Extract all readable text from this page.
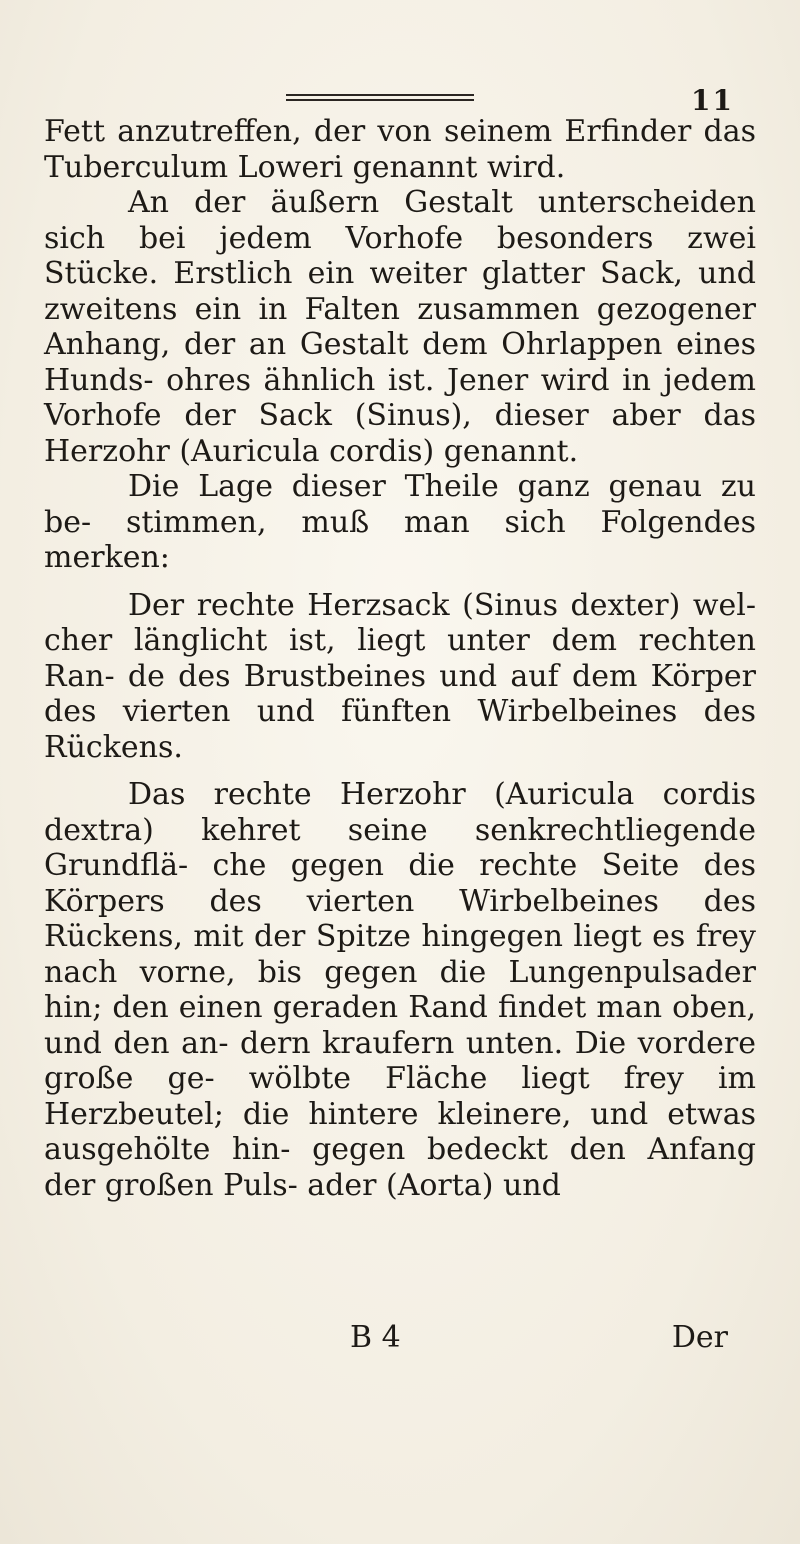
11

Fett anzutreffen, der von seinem Erfinder das Tuberculum Loweri genannt wird.

An der äußern Gestalt unterscheiden sich bei jedem Vorhofe besonders zwei Stücke. Erstlich ein weiter glatter Sack, und zweitens ein in Falten zusammen gezogener Anhang, der an Gestalt dem Ohrlappen eines Hunds- ohres ähnlich ist. Jener wird in jedem Vorhofe der Sack (Sinus), dieser aber das Herzohr (Auricula cordis) genannt.

Die Lage dieser Theile ganz genau zu be- stimmen, muß man sich Folgendes merken:

Der rechte Herzsack (Sinus dexter) wel- cher länglicht ist, liegt unter dem rechten Ran- de des Brustbeines und auf dem Körper des vierten und fünften Wirbelbeines des Rückens.

Das rechte Herzohr (Auricula cordis dextra) kehret seine senkrechtliegende Grundflä- che gegen die rechte Seite des Körpers des vierten Wirbelbeines des Rückens, mit der Spitze hingegen liegt es frey nach vorne, bis gegen die Lungenpulsader hin; den einen geraden Rand findet man oben, und den an- dern kraufern unten. Die vordere große ge- wölbte Fläche liegt frey im Herzbeutel; die hintere kleinere, und etwas ausgehölte hin- gegen bedeckt den Anfang der großen Puls- ader (Aorta) und

B 4	Der
